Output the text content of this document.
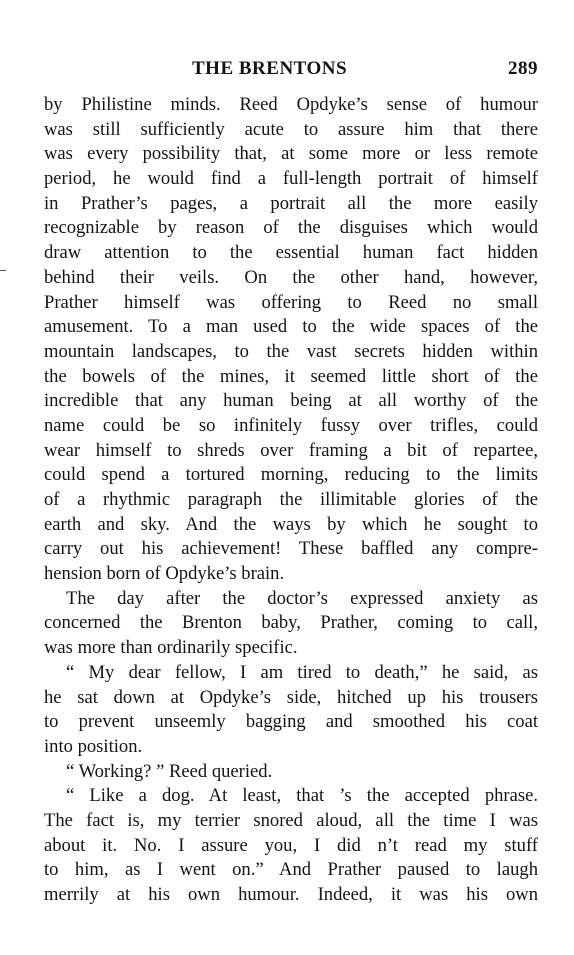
THE BRENTONS	289
by Philistine minds. Reed Opdyke’s sense of humour
was still sufficiently acute to assure him that there
was every possibility that, at some more or less remote
period, he would find a full-length portrait of himself
in Prather’s pages, a portrait all the more easily
recognizable by reason of the disguises which would
draw attention to the essential human fact hidden
behind their veils. On the other hand, however,
Prather himself was offering to Reed no small
amusement. To a man used to the wide spaces of the
mountain landscapes, to the vast secrets hidden within
the bowels of the mines, it seemed little short of the
incredible that any human being at all worthy of the
name could be so infinitely fussy over trifles, could
wear himself to shreds over framing a bit of repartee,
could spend a tortured morning, reducing to the limits
of a rhythmic paragraph the illimitable glories of the
earth and sky. And the ways by which he sought to
carry out his achievement! These baffled any compre-
hension born of Opdyke’s brain.
The day after the doctor’s expressed anxiety as
concerned the Brenton baby, Prather, coming to call,
was more than ordinarily specific.
“ My dear fellow, I am tired to death,” he said, as
he sat down at Opdyke’s side, hitched up his trousers
to prevent unseemly bagging and smoothed his coat
into position.
“ Working? ” Reed queried.
“ Like a dog. At least, that ’s the accepted phrase.
The fact is, my terrier snored aloud, all the time I was
about it. No. I assure you, I did n’t read my stuff
to him, as I went on.” And Prather paused to laugh
merrily at his own humour. Indeed, it was his own
